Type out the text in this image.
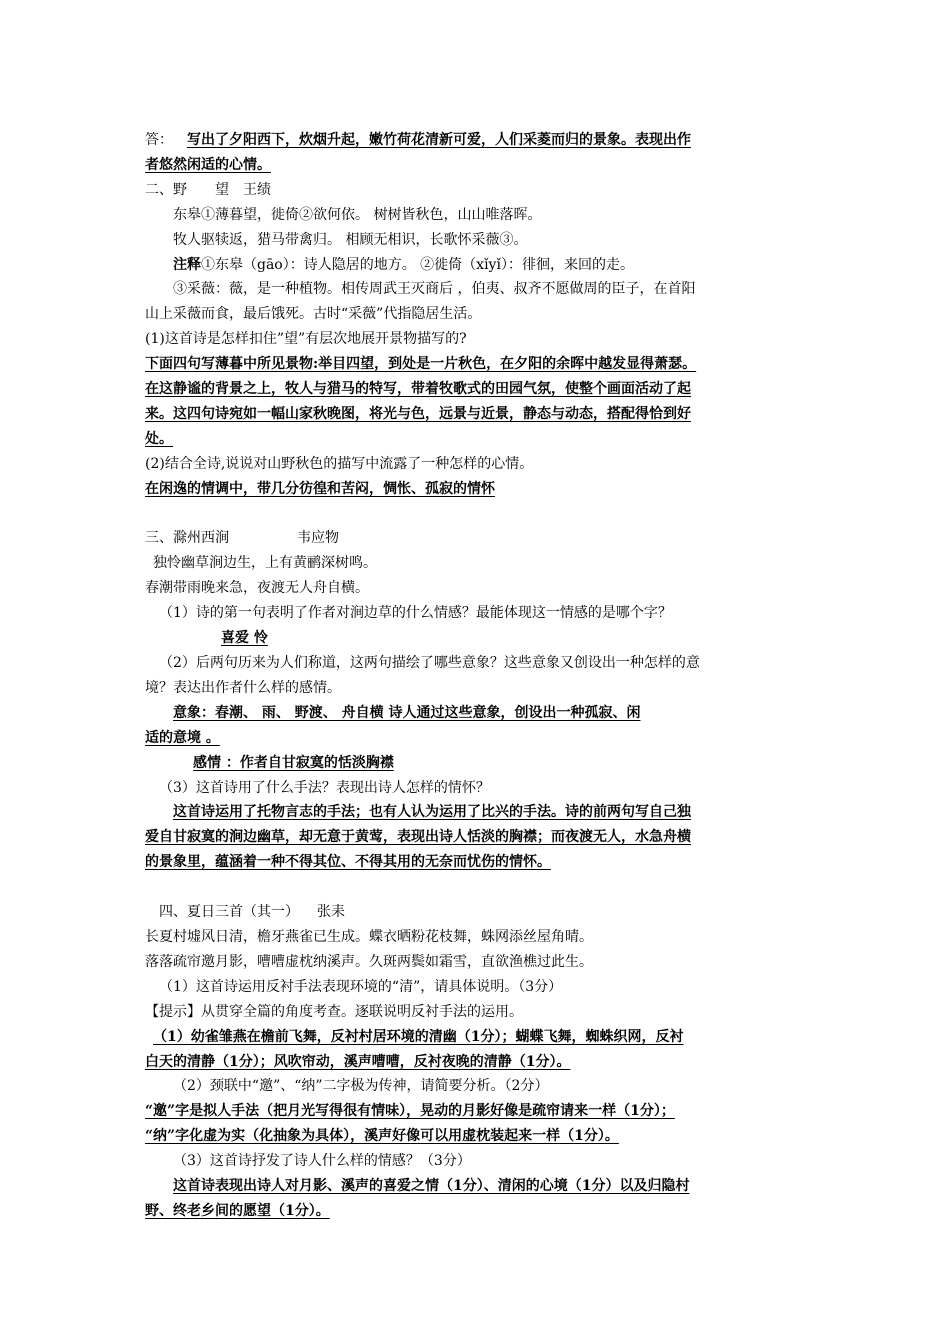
答： 写出了夕阳西下，炊烟升起，嫩竹荷花清新可爱，人们采菱而归的景象。表现出作
者悠然闲适的心情。
二、野 望 王绩
东皋①薄暮望，徙倚②欲何依。 树树皆秋色，山山唯落晖。
牧人驱犊返，猎马带禽归。 相顾无相识，长歌怀采薇③。
注释①东皋（gāo）：诗人隐居的地方。 ②徙倚（xǐyǐ）：徘徊，来回的走。
③采薇：薇，是一种植物。相传周武王灭商后 ，伯夷、叔齐不愿做周的臣子，在首阳
山上采薇而食，最后饿死。古时“采薇”代指隐居生活。
(1)这首诗是怎样扣住”望”有层次地展开景物描写的?
下面四句写薄暮中所见景物:举目四望，到处是一片秋色，在夕阳的余晖中越发显得萧瑟。
在这静谧的背景之上，牧人与猎马的特写，带着牧歌式的田园气氛，使整个画面活动了起
来。这四句诗宛如一幅山家秋晚图，将光与色，远景与近景，静态与动态，搭配得恰到好
处。
(2)结合全诗,说说对山野秋色的描写中流露了一种怎样的心情。
在闲逸的情调中，带几分彷徨和苦闷，惆怅、孤寂的情怀
三、滁州西涧	韦应物
独怜幽草涧边生，上有黄鹂深树鸣。
春潮带雨晚来急，夜渡无人舟自横。
（1）诗的第一句表明了作者对涧边草的什么情感？最能体现这一情感的是哪个字？
喜爱 怜
（2）后两句历来为人们称道，这两句描绘了哪些意象？这些意象又创设出一种怎样的意
境？表达出作者什么样的感情。
意象：春潮、 雨、 野渡、 舟自横 诗人通过这些意象，创设出一种孤寂、闲
适的意境 。
感情 ：作者自甘寂寞的恬淡胸襟
（3）这首诗用了什么手法？表现出诗人怎样的情怀？
这首诗运用了托物言志的手法；也有人认为运用了比兴的手法。诗的前两句写自己独
爱自甘寂寞的涧边幽草，却无意于黄莺，表现出诗人恬淡的胸襟；而夜渡无人，水急舟横
的景象里，蕴涵着一种不得其位、不得其用的无奈而忧伤的情怀。
四、夏日三首（其一） 张耒
长夏村墟风日清，檐牙燕雀已生成。蝶衣晒粉花枝舞，蛛网添丝屋角晴。
落落疏帘邀月影，嘈嘈虚枕纳溪声。久斑两鬓如霜雪，直欲渔樵过此生。
（1）这首诗运用反衬手法表现环境的“清”，请具体说明。（3分）
【提示】从贯穿全篇的角度考查。逐联说明反衬手法的运用。
（1）幼雀雏燕在檐前飞舞，反衬村居环境的清幽（1分）；蝴蝶飞舞，蜘蛛织网，反衬
白天的清静（1分）；风吹帘动，溪声嘈嘈，反衬夜晚的清静（1分）。
（2）颈联中“邀”、“纳”二字极为传神，请简要分析。（2分）
“邀”字是拟人手法（把月光写得很有情味），晃动的月影好像是疏帘请来一样（1分）；
“纳”字化虚为实（化抽象为具体），溪声好像可以用虚枕装起来一样（1分）。
（3）这首诗抒发了诗人什么样的情感？（3分）
这首诗表现出诗人对月影、溪声的喜爱之情（1分）、清闲的心境（1分）以及归隐村
野、终老乡间的愿望（1分）。
